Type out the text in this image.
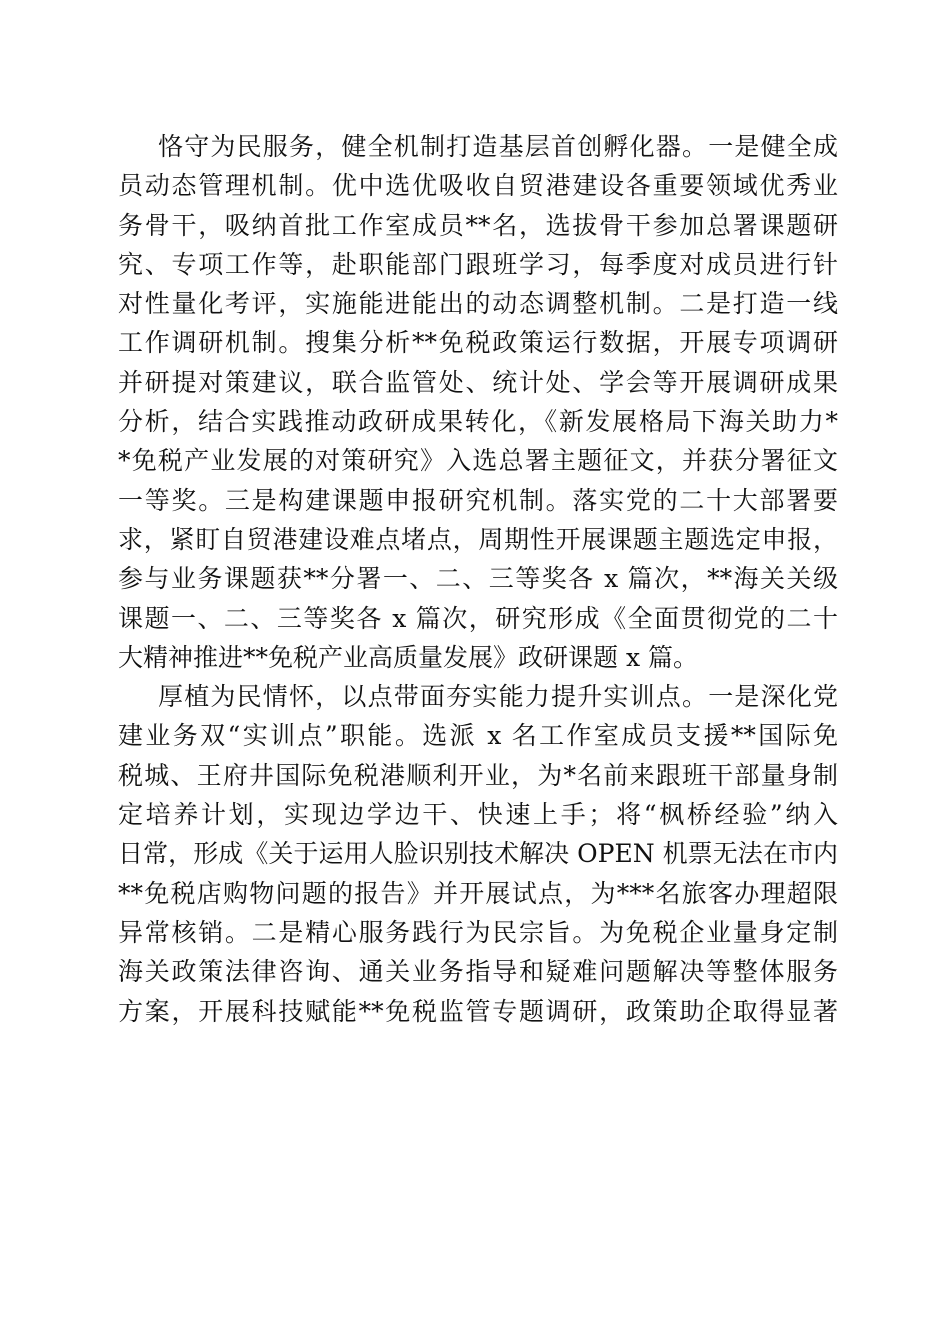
恪守为民服务，健全机制打造基层首创孵化器。一是健全成
员动态管理机制。优中选优吸收自贸港建设各重要领域优秀业
务骨干，吸纳首批工作室成员**名，选拔骨干参加总署课题研
究、专项工作等，赴职能部门跟班学习，每季度对成员进行针
对性量化考评，实施能进能出的动态调整机制。二是打造一线
工作调研机制。搜集分析**免税政策运行数据，开展专项调研
并研提对策建议，联合监管处、统计处、学会等开展调研成果
分析，结合实践推动政研成果转化，《新发展格局下海关助力*
*免税产业发展的对策研究》入选总署主题征文，并获分署征文
一等奖。三是构建课题申报研究机制。落实党的二十大部署要
求，紧盯自贸港建设难点堵点，周期性开展课题主题选定申报，
参与业务课题获**分署一、二、三等奖各 x 篇次，**海关关级
课题一、二、三等奖各 x 篇次，研究形成《全面贯彻党的二十
大精神推进**免税产业高质量发展》政研课题 x 篇。
厚植为民情怀，以点带面夯实能力提升实训点。一是深化党
建业务双“实训点”职能。选派 x 名工作室成员支援**国际免
税城、王府井国际免税港顺利开业，为*名前来跟班干部量身制
定培养计划，实现边学边干、快速上手；将“枫桥经验”纳入
日常，形成《关于运用人脸识别技术解决 OPEN 机票无法在市内
**免税店购物问题的报告》并开展试点，为***名旅客办理超限
异常核销。二是精心服务践行为民宗旨。为免税企业量身定制
海关政策法律咨询、通关业务指导和疑难问题解决等整体服务
方案，开展科技赋能**免税监管专题调研，政策助企取得显著
